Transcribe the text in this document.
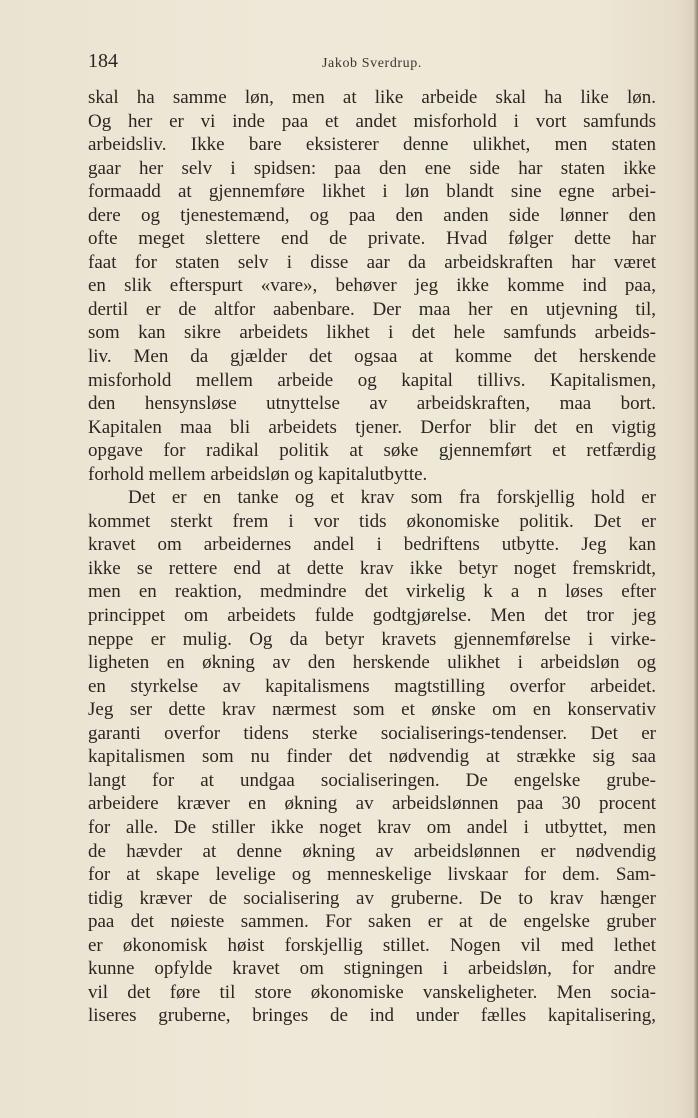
184	Jakob Sverdrup.
skal ha samme løn, men at like arbeide skal ha like løn.
Og her er vi inde paa et andet misforhold i vort samfunds
arbeidsliv. Ikke bare eksisterer denne ulikhet, men staten
gaar her selv i spidsen: paa den ene side har staten ikke
formaadd at gjennemføre likhet i løn blandt sine egne arbei-
dere og tjenestemænd, og paa den anden side lønner den
ofte meget slettere end de private. Hvad følger dette har
faat for staten selv i disse aar da arbeidskraften har været
en slik efterspurt «vare», behøver jeg ikke komme ind paa,
dertil er de altfor aabenbare. Der maa her en utjevning til,
som kan sikre arbeidets likhet i det hele samfunds arbeids-
liv. Men da gjælder det ogsaa at komme det herskende
misforhold mellem arbeide og kapital tillivs. Kapitalismen,
den hensynsløse utnyttelse av arbeidskraften, maa bort.
Kapitalen maa bli arbeidets tjener. Derfor blir det en vigtig
opgave for radikal politik at søke gjennemført et retfærdig
forhold mellem arbeidsløn og kapitalutbytte.
Det er en tanke og et krav som fra forskjellig hold er
kommet sterkt frem i vor tids økonomiske politik. Det er
kravet om arbeidernes andel i bedriftens utbytte. Jeg kan
ikke se rettere end at dette krav ikke betyr noget fremskridt,
men en reaktion, medmindre det virkelig k a n løses efter
princippet om arbeidets fulde godtgjørelse. Men det tror jeg
neppe er mulig. Og da betyr kravets gjennemførelse i virke-
ligheten en økning av den herskende ulikhet i arbeidsløn og
en styrkelse av kapitalismens magtstilling overfor arbeidet.
Jeg ser dette krav nærmest som et ønske om en konservativ
garanti overfor tidens sterke socialiserings-tendenser. Det er
kapitalismen som nu finder det nødvendig at strække sig saa
langt for at undgaa socialiseringen. De engelske grube-
arbeidere kræver en økning av arbeidslønnen paa 30 procent
for alle. De stiller ikke noget krav om andel i utbyttet, men
de hævder at denne økning av arbeidslønnen er nødvendig
for at skape levelige og menneskelige livskaar for dem. Sam-
tidig kræver de socialisering av gruberne. De to krav hænger
paa det nøieste sammen. For saken er at de engelske gruber
er økonomisk høist forskjellig stillet. Nogen vil med lethet
kunne opfylde kravet om stigningen i arbeidsløn, for andre
vil det føre til store økonomiske vanskeligheter. Men socia-
liseres gruberne, bringes de ind under fælles kapitalisering,
